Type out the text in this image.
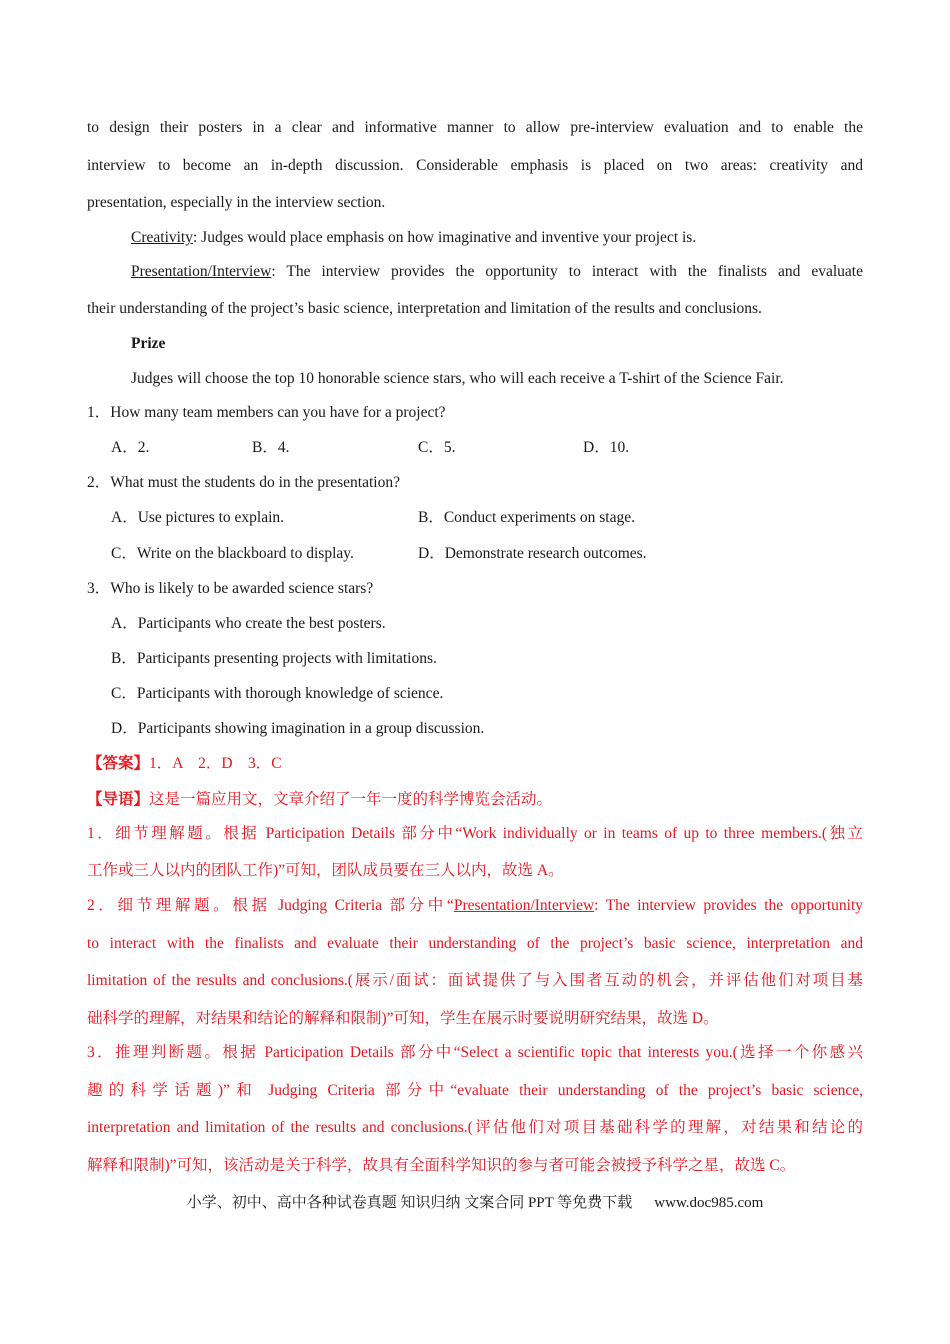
to design their posters in a clear and informative manner to allow pre-interview evaluation and to enable the
interview to become an in-depth discussion. Considerable emphasis is placed on two areas: creativity and
presentation, especially in the interview section.
Creativity: Judges would place emphasis on how imaginative and inventive your project is.
Presentation/Interview: The interview provides the opportunity to interact with the finalists and evaluate
their understanding of the project’s basic science, interpretation and limitation of the results and conclusions.
Prize
Judges will choose the top 10 honorable science stars, who will each receive a T-shirt of the Science Fair.
1．How many team members can you have for a project?
A．2.	B．4.	C．5.	D．10.
2．What must the students do in the presentation?
A．Use pictures to explain.	B．Conduct experiments on stage.
C．Write on the blackboard to display.	D．Demonstrate research outcomes.
3．Who is likely to be awarded science stars?
A．Participants who create the best posters.
B．Participants presenting projects with limitations.
C．Participants with thorough knowledge of science.
D．Participants showing imagination in a group discussion.
【答案】1．A　2．D　3．C
【导语】这是一篇应用文，文章介绍了一年一度的科学博览会活动。
1．细节理解题。根据 Participation Details 部分中“Work individually or in teams of up to three members.(独立
工作或三人以内的团队工作)”可知，团队成员要在三人以内，故选 A。
2．细节理解题。根据 Judging Criteria 部分中“Presentation/Interview: The interview provides the opportunity
to interact with the finalists and evaluate their understanding of the project’s basic science, interpretation and
limitation of the results and conclusions.(展示/面试：面试提供了与入围者互动的机会，并评估他们对项目基
础科学的理解，对结果和结论的解释和限制)”可知，学生在展示时要说明研究结果，故选 D。
3．推理判断题。根据 Participation Details 部分中“Select a scientific topic that interests you.(选择一个你感兴
趣的科学话题)”和 Judging Criteria 部分中“evaluate their understanding of the project’s basic science,
interpretation and limitation of the results and conclusions.(评估他们对项目基础科学的理解，对结果和结论的
解释和限制)”可知，该活动是关于科学，故具有全面科学知识的参与者可能会被授予科学之星，故选 C。
小学、初中、高中各种试卷真题 知识归纳 文案合同 PPT 等免费下载 www.doc985.com
